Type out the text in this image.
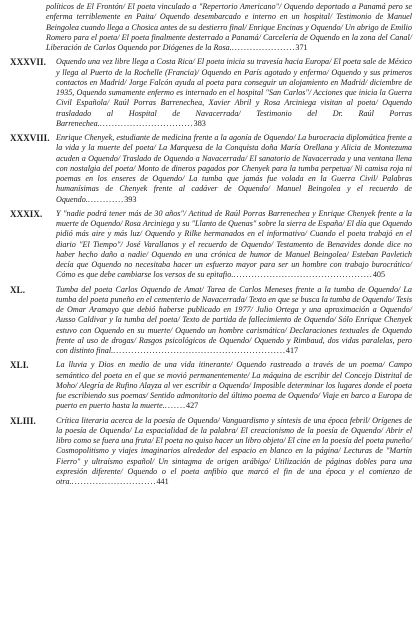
políticos de El Frontón/ El poeta vinculado a "Repertorio Americano"/ Oquendo deportado a Panamá pero se enferma terriblemente en Paita/ Oquendo desembarcado e interno en un hospital/ Testimonio de Manuel Beingolea cuando llega a Chosica antes de su destierro final/ Enrique Encinas y Oquendo/ Un abrigo de Emilio Romero para el poeta/ El poeta finalmente desterrado a Panamá/ Carcelería de Oquendo en la zona del Canal/ Liberación de Carlos Oquendo por Diógenes de la Rosa......................371
XXXVII.	Oquendo una vez libre llega a Costa Rica/ El poeta inicia su travesía hacia Europa/ El poeta sale de México y llega al Puerto de la Rochelle (Francia)/ Oquendo en París agotado y enfermo/ Oquendo y sus primeros contactos en Madrid/ Jorge Falcón ayuda al poeta para conseguir un alojamiento en Madrid/ diciembre de 1935, Oquendo sumamente enfermo es internado en el hospital "San Carlos"/ Acciones que inicia la Guerra Civil Española/ Raúl Porras Barrenechea, Xavier Abril y Rosa Arciniega visitan al poeta/ Oquendo trasladado al Hospital de Navacerrada/ Testimonio del Dr. Raúl Porras Barrenechea................................383
XXXVIII. Enrique Chenyek, estudiante de medicina frente a la agonía de Oquendo/ La burocracia diplomática frente a la vida y la muerte del poeta/ La Marquesa de la Conquista doña María Orellana y Alicia de Montezuma acuden a Oquendo/ Traslado de Oquendo a Navacerrada/ El sanatorio de Navacerrada y una ventana llena con nostalgia del poeta/ Monto de dineros pagados por Chenyek para la tumba perpetua/ Ni camisa roja ni poemas en los enseres de Oquendo/ La tumba que jamás fue volada en la Guerra Civil/ Palabras humanísimas de Chenyek frente al cadáver de Oquendo/ Manuel Beingolea y el recuerdo de Oquendo.............393
XXXIX.	Y "nadie podrá tener más de 30 años"/ Actitud de Raúl Porras Barrenechea y Enrique Chenyek frente a la muerte de Oquendo/ Rosa Arciniega y su "Llanto de Quenas" sobre la sierra de España/ El día que Oquendo pidió más aire y más luz/ Oquendo y Rilke hermanados en el informativo/ Cuando el poeta trabajó en el diario "El Tiempo"/ José Varallanos y el recuerdo de Oquendo/ Testamento de Benavides donde dice no haber hecho daño a nadie/ Oquendo en una crónica de humor de Manuel Beingolea/ Esteban Pavletich decía que Oquendo no necesitaba hacer un esfuerzo mayor para ser un hombre con trabajo burocrático/ Cómo es que debe cambiarse los versos de su epitafio...............................................405
XL.	Tumba del poeta Carlos Oquendo de Amat/ Tarea de Carlos Meneses frente a la tumba de Oquendo/ La tumba del poeta puneño en el cementerio de Navacerrada/ Texto en que se busca la tumba de Oquendo/ Tesis de Omar Aramayo que debió haberse publicado en 1977/ Julio Ortega y una aproximación a Oquendo/ Ausso Caldivar y la tumba del poeta/ Texto de partida de fallecimiento de Oquendo/ Sólo Enrique Chenyek estuvo con Oquendo en su muerte/ Oquendo un hombre carismático/ Declaraciones textuales de Oquendo frente al uso de drogas/ Rasgos psicológicos de Oquendo/ Oquendo y Rimbaud, dos vidas paralelas, pero con distinto final..........................................................417
XLI.	La lluvia y Dios en medio de una vida itinerante/ Oquendo rastreado a través de un poema/ Campo semántico del poeta en el que se movió permanentemente/ La máquina de escribir del Concejo Distrital de Moho/ Alegría de Rufino Alayza al ver escribir a Oquendo/ Imposible determinar los lugares donde el poeta fue escribiendo sus poemas/ Sentido admonitorio del último poema de Oquendo/ Viaje en barco a Europa de puerto en puerto hasta la muerte........427
XLIII.	Crítica literaria acerca de la poesía de Oquendo/ Vanguardismo y síntesis de una época febril/ Orígenes de la poesía de Oquendo/ La espacialidad de la palabra/ El creacionismo de la poesía de Oquendo/ Abrir el libro como se fuera una fruta/ El poeta no quiso hacer un libro objeto/ El cine en la poesía del poeta puneño/ Cosmopolitismo y viajes imaginarios alrededor del espacio en blanco en la página/ Lecturas de "Martín Fierro" y ultraísmo español/ Un sintagma de origen arábigo/ Utilización de páginas dobles para una expresión diferente/ Oquendo o el poeta anfibio que marcó el fin de una época y el comienzo de otra.............................441
